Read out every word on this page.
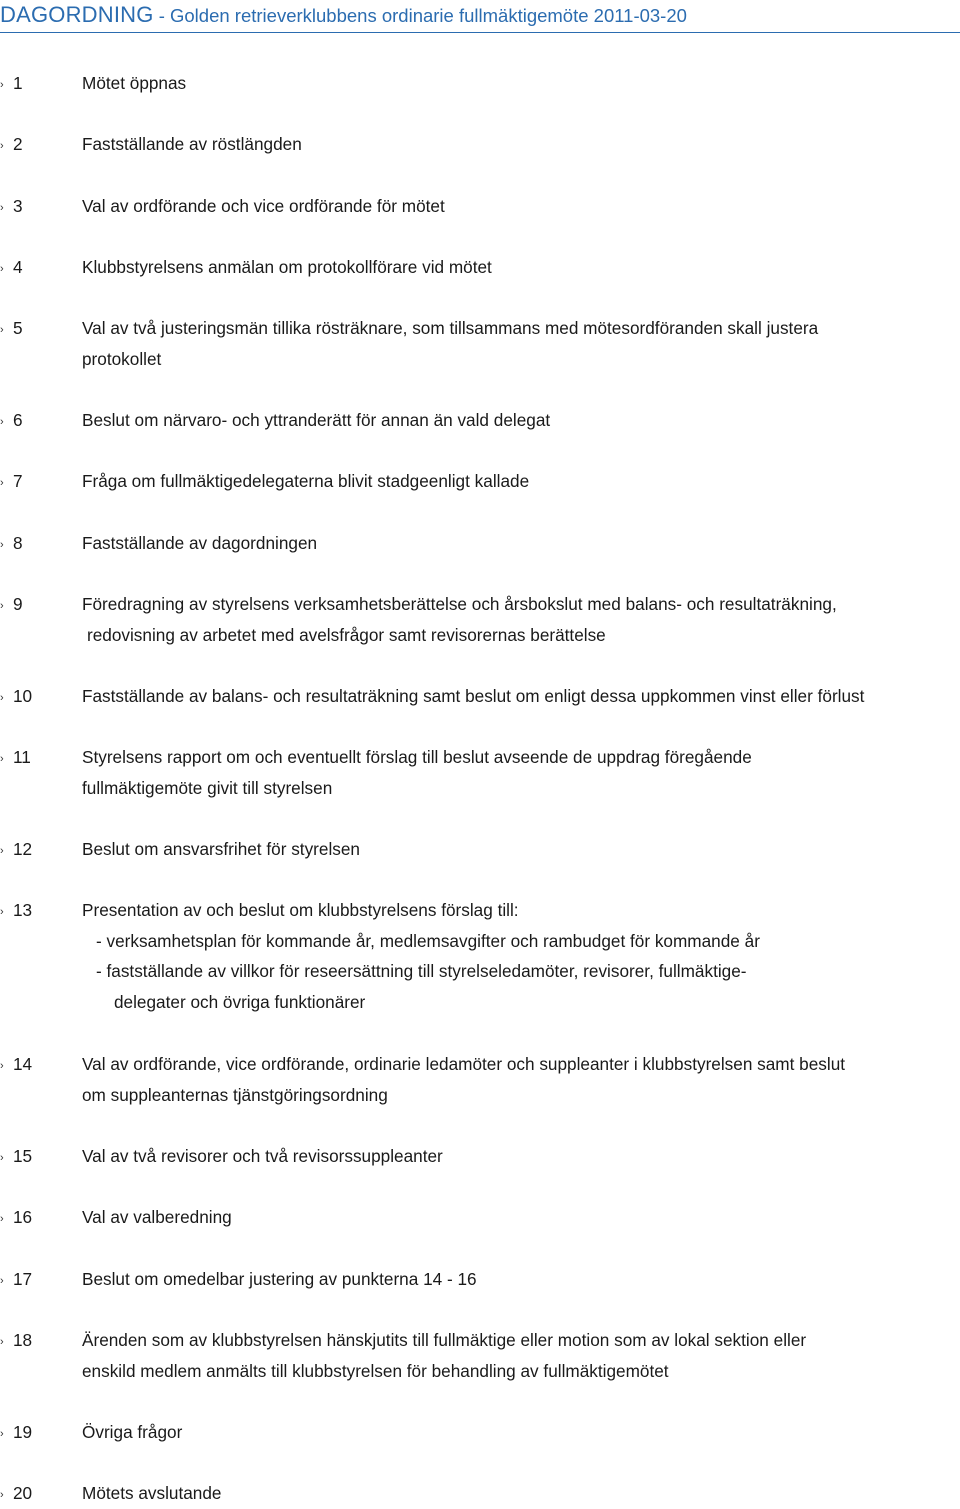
DAGORDNING - Golden retrieverklubbens ordinarie fullmäktigemöte 2011-03-20
› 1	Mötet öppnas
› 2	Fastställande av röstlängden
› 3	Val av ordförande och vice ordförande för mötet
› 4	Klubbstyrelsens anmälan om protokollförare vid mötet
› 5	Val av två justeringsmän tillika rösträknare, som tillsammans med mötesordföranden skall justera
protokollet
› 6	Beslut om närvaro- och yttranderätt för annan än vald delegat
› 7	Fråga om fullmäktigedelegaterna blivit stadgeenligt kallade
› 8	Fastställande av dagordningen
› 9	Föredragning av styrelsens verksamhetsberättelse och årsbokslut med balans- och resultaträkning,
redovisning av arbetet med avelsfrågor samt revisorernas berättelse
› 10	Fastställande av balans- och resultaträkning samt beslut om enligt dessa uppkommen vinst eller förlust
› 11	Styrelsens rapport om och eventuellt förslag till beslut avseende de uppdrag föregående
fullmäktigemöte givit till styrelsen
› 12	Beslut om ansvarsfrihet för styrelsen
› 13	Presentation av och beslut om klubbstyrelsens förslag till:
- verksamhetsplan för kommande år, medlemsavgifter och rambudget för kommande år
- fastställande av villkor för reseersättning till styrelseledamöter, revisorer, fullmäktige-
delegater och övriga funktionärer
› 14	Val av ordförande, vice ordförande, ordinarie ledamöter och suppleanter i klubbstyrelsen samt beslut
om suppleanternas tjänstgöringsordning
› 15	Val av två revisorer och två revisorssuppleanter
› 16	Val av valberedning
› 17	Beslut om omedelbar justering av punkterna 14 - 16
› 18	Ärenden som av klubbstyrelsen hänskjutits till fullmäktige eller motion som av lokal sektion eller
enskild medlem anmälts till klubbstyrelsen för behandling av fullmäktigemötet
› 19	Övriga frågor
› 20	Mötets avslutande
